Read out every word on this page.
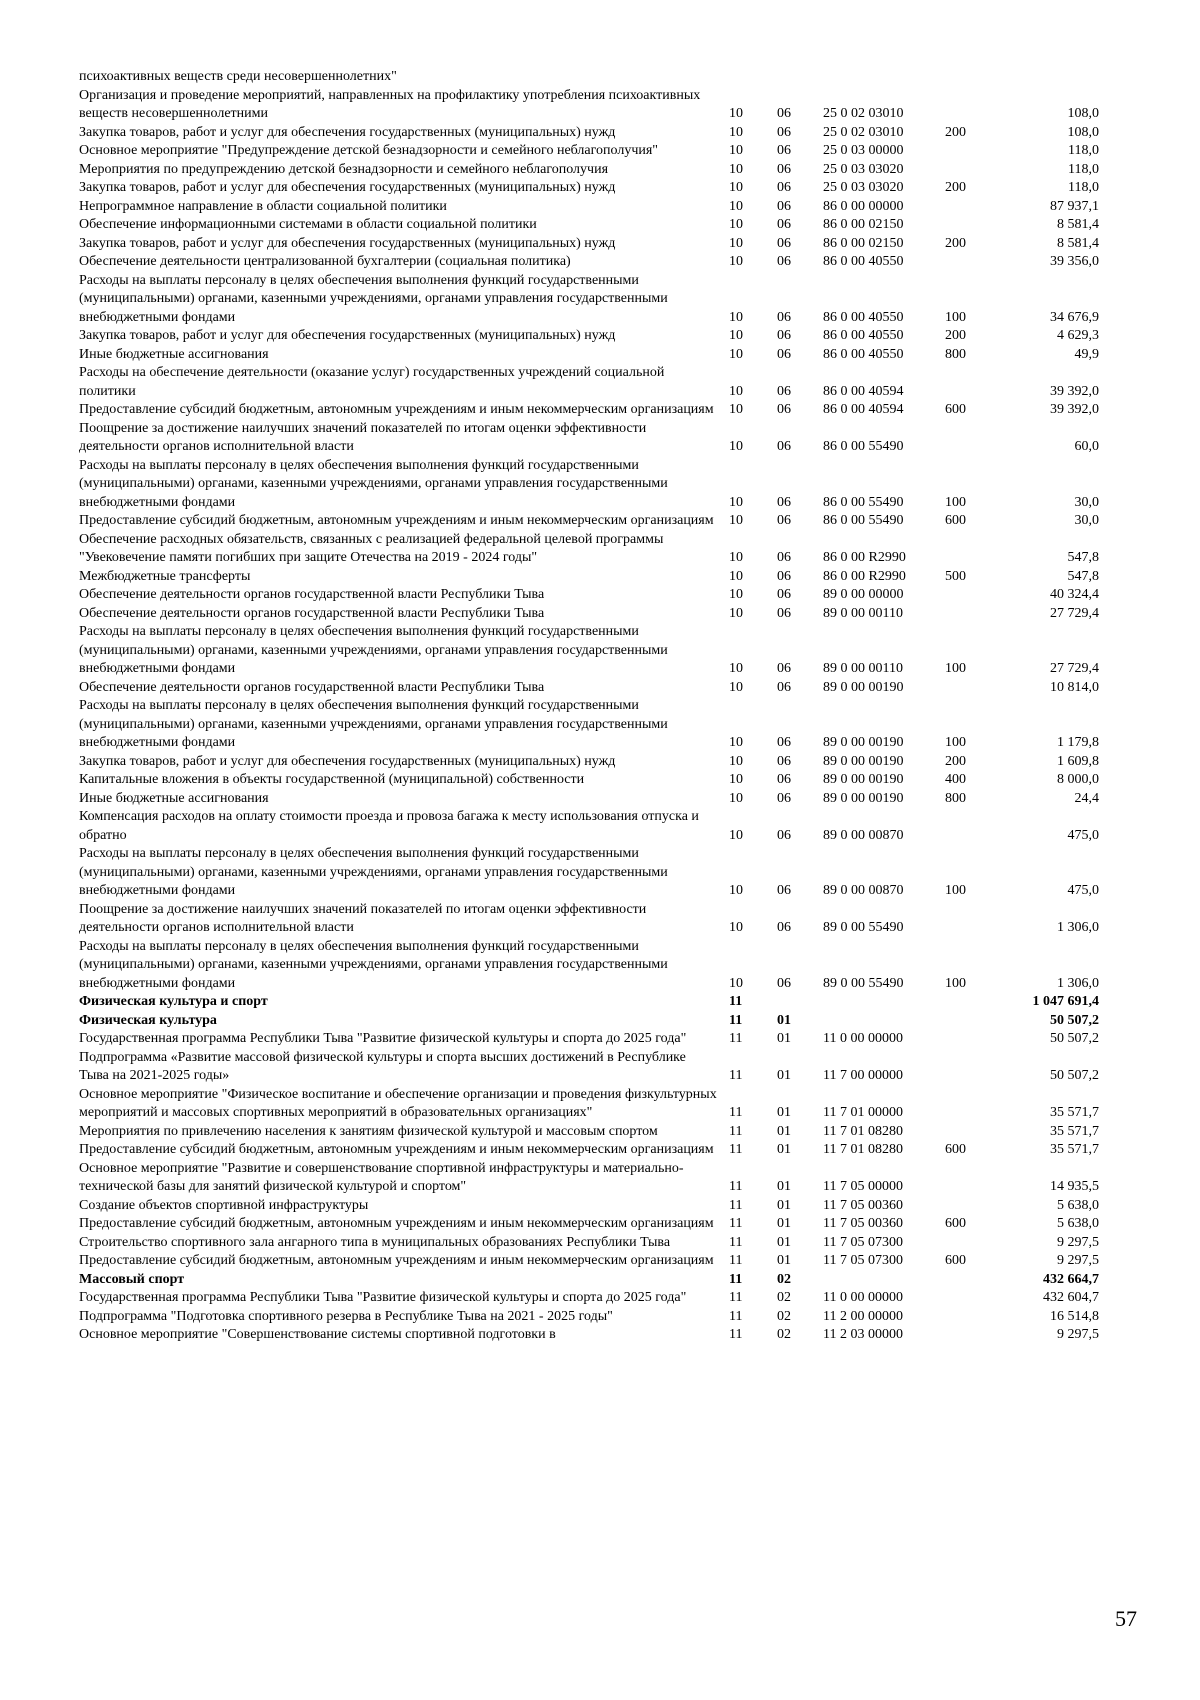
психоактивных веществ среди несовершеннолетних"
Организация и проведение мероприятий, направленных на профилактику употребления психоактивных веществ несовершеннолетними	10	06	25 0 02 03010	108,0
Закупка товаров, работ и услуг для обеспечения государственных (муниципальных) нужд	10	06	25 0 02 03010	200	108,0
Основное мероприятие "Предупреждение детской безнадзорности и семейного неблагополучия"	10	06	25 0 03 00000	118,0
Мероприятия по предупреждению детской безнадзорности и семейного неблагополучия	10	06	25 0 03 03020	118,0
Закупка товаров, работ и услуг для обеспечения государственных (муниципальных) нужд	10	06	25 0 03 03020	200	118,0
Непрограммное направление в области социальной политики	10	06	86 0 00 00000	87 937,1
Обеспечение информационными системами в области социальной политики	10	06	86 0 00 02150	8 581,4
Закупка товаров, работ и услуг для обеспечения государственных (муниципальных) нужд	10	06	86 0 00 02150	200	8 581,4
Обеспечение деятельности централизованной бухгалтерии (социальная политика)	10	06	86 0 00 40550	39 356,0
Расходы на выплаты персоналу в целях обеспечения выполнения функций государственными (муниципальными) органами, казенными учреждениями, органами управления государственными внебюджетными фондами	10	06	86 0 00 40550	100	34 676,9
Закупка товаров, работ и услуг для обеспечения государственных (муниципальных) нужд	10	06	86 0 00 40550	200	4 629,3
Иные бюджетные ассигнования	10	06	86 0 00 40550	800	49,9
Расходы на обеспечение деятельности (оказание услуг) государственных учреждений социальной политики	10	06	86 0 00 40594	39 392,0
Предоставление субсидий бюджетным, автономным учреждениям и иным некоммерческим организациям	10	06	86 0 00 40594	600	39 392,0
Поощрение за достижение наилучших значений показателей по итогам оценки эффективности деятельности органов исполнительной власти	10	06	86 0 00 55490	60,0
Расходы на выплаты персоналу в целях обеспечения выполнения функций государственными (муниципальными) органами, казенными учреждениями, органами управления государственными внебюджетными фондами	10	06	86 0 00 55490	100	30,0
Предоставление субсидий бюджетным, автономным учреждениям и иным некоммерческим организациям	10	06	86 0 00 55490	600	30,0
Обеспечение расходных обязательств, связанных с реализацией федеральной целевой программы "Увековечение памяти погибших при защите Отечества на 2019 - 2024 годы"	10	06	86 0 00 R2990	547,8
Межбюджетные трансферты	10	06	86 0 00 R2990	500	547,8
Обеспечение деятельности органов государственной власти Республики Тыва	10	06	89 0 00 00000	40 324,4
Обеспечение деятельности органов государственной власти Республики Тыва	10	06	89 0 00 00110	27 729,4
Расходы на выплаты персоналу в целях обеспечения выполнения функций государственными (муниципальными) органами, казенными учреждениями, органами управления государственными внебюджетными фондами	10	06	89 0 00 00110	100	27 729,4
Обеспечение деятельности органов государственной власти Республики Тыва	10	06	89 0 00 00190	10 814,0
Расходы на выплаты персоналу в целях обеспечения выполнения функций государственными (муниципальными) органами, казенными учреждениями, органами управления государственными внебюджетными фондами	10	06	89 0 00 00190	100	1 179,8
Закупка товаров, работ и услуг для обеспечения государственных (муниципальных) нужд	10	06	89 0 00 00190	200	1 609,8
Капитальные вложения в объекты государственной (муниципальной) собственности	10	06	89 0 00 00190	400	8 000,0
Иные бюджетные ассигнования	10	06	89 0 00 00190	800	24,4
Компенсация расходов на оплату стоимости проезда и провоза багажа к месту использования отпуска и обратно	10	06	89 0 00 00870	475,0
Расходы на выплаты персоналу в целях обеспечения выполнения функций государственными (муниципальными) органами, казенными учреждениями, органами управления государственными внебюджетными фондами	10	06	89 0 00 00870	100	475,0
Поощрение за достижение наилучших значений показателей по итогам оценки эффективности деятельности органов исполнительной власти	10	06	89 0 00 55490	1 306,0
Расходы на выплаты персоналу в целях обеспечения выполнения функций государственными (муниципальными) органами, казенными учреждениями, органами управления государственными внебюджетными фондами	10	06	89 0 00 55490	100	1 306,0
Физическая культура и спорт	11	1 047 691,4
Физическая культура	11	01	50 507,2
Государственная программа Республики Тыва "Развитие физической культуры и спорта до 2025 года"	11	01	11 0 00 00000	50 507,2
Подпрограмма «Развитие массовой физической культуры и спорта высших достижений в Республике Тыва на 2021-2025 годы»	11	01	11 7 00 00000	50 507,2
Основное мероприятие "Физическое воспитание и обеспечение организации и проведения физкультурных мероприятий и массовых спортивных мероприятий в образовательных организациях"	11	01	11 7 01 00000	35 571,7
Мероприятия по привлечению населения к занятиям физической культурой и массовым спортом	11	01	11 7 01 08280	35 571,7
Предоставление субсидий бюджетным, автономным учреждениям и иным некоммерческим организациям	11	01	11 7 01 08280	600	35 571,7
Основное мероприятие "Развитие и совершенствование спортивной инфраструктуры и материально-технической базы для занятий физической культурой и спортом"	11	01	11 7 05 00000	14 935,5
Создание объектов спортивной инфраструктуры	11	01	11 7 05 00360	5 638,0
Предоставление субсидий бюджетным, автономным учреждениям и иным некоммерческим организациям	11	01	11 7 05 00360	600	5 638,0
Строительство спортивного зала ангарного типа в муниципальных образованиях Республики Тыва	11	01	11 7 05 07300	9 297,5
Предоставление субсидий бюджетным, автономным учреждениям и иным некоммерческим организациям	11	01	11 7 05 07300	600	9 297,5
Массовый спорт	11	02	432 664,7
Государственная программа Республики Тыва "Развитие физической культуры и спорта до 2025 года"	11	02	11 0 00 00000	432 604,7
Подпрограмма "Подготовка спортивного резерва в Республике Тыва на 2021 - 2025 годы"	11	02	11 2 00 00000	16 514,8
Основное мероприятие "Совершенствование системы спортивной подготовки в	11	02	11 2 03 00000	9 297,5
57
